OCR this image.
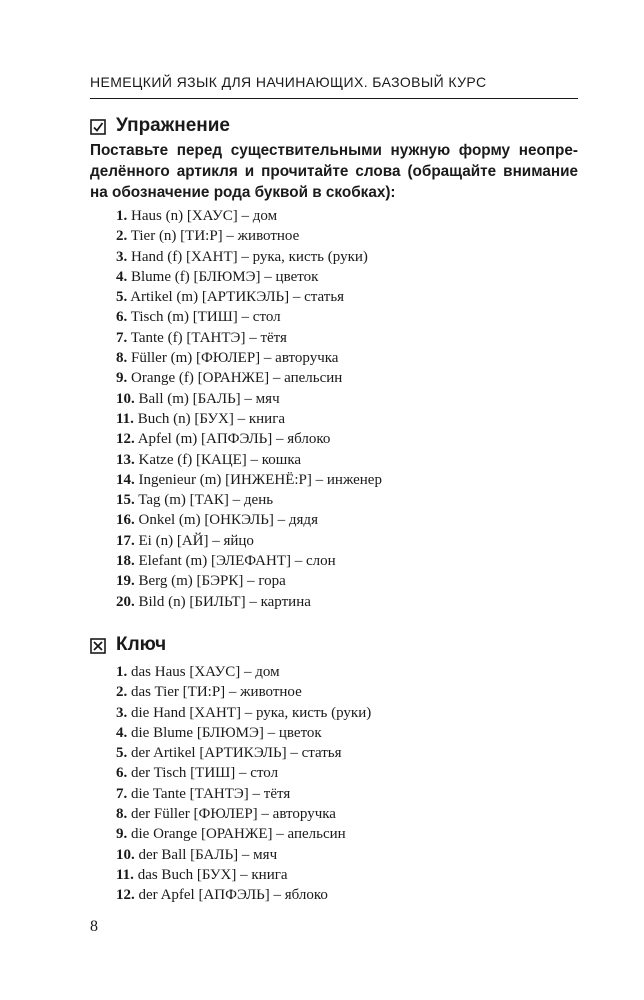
НЕМЕЦКИЙ ЯЗЫК ДЛЯ НАЧИНАЮЩИХ. БАЗОВЫЙ КУРС
Упражнение
Поставьте перед существительными нужную форму неопре-делённого артикля и прочитайте слова (обращайте внимание на обозначение рода буквой в скобках):
1. Haus (n) [ХАУС] – дом
2. Tier (n) [ТИ:Р] – животное
3. Hand (f) [ХАНТ] – рука, кисть (руки)
4. Blume (f) [БЛЮМЭ] – цветок
5. Artikel (m) [АРТИКЭЛЬ] – статья
6. Tisch (m) [ТИШ] – стол
7. Tante (f) [ТАНТЭ] – тётя
8. Füller (m) [ФЮЛЕР] – авторучка
9. Orange (f) [ОРАНЖЕ] – апельсин
10. Ball (m) [БАЛЬ] – мяч
11. Buch (n) [БУХ] – книга
12. Apfel (m) [АПФЭЛЬ] – яблоко
13. Katze (f) [КАЦЕ] – кошка
14. Ingenieur (m) [ИНЖЕНЁ:Р] – инженер
15. Tag (m) [ТАК] – день
16. Onkel (m) [ОНКЭЛЬ] – дядя
17. Ei (n) [АЙ] – яйцо
18. Elefant (m) [ЭЛЕФАНТ] – слон
19. Berg (m) [БЭРК] – гора
20. Bild (n) [БИЛЬТ] – картина
Ключ
1. das Haus [ХАУС] – дом
2. das Tier [ТИ:Р] – животное
3. die Hand [ХАНТ] – рука, кисть (руки)
4. die Blume [БЛЮМЭ] – цветок
5. der Artikel [АРТИКЭЛЬ] – статья
6. der Tisch [ТИШ] – стол
7. die Tante [ТАНТЭ] – тётя
8. der Füller [ФЮЛЕР] – авторучка
9. die Orange [ОРАНЖЕ] – апельсин
10. der Ball [БАЛЬ] – мяч
11. das Buch [БУХ] – книга
12. der Apfel [АПФЭЛЬ] – яблоко
8
